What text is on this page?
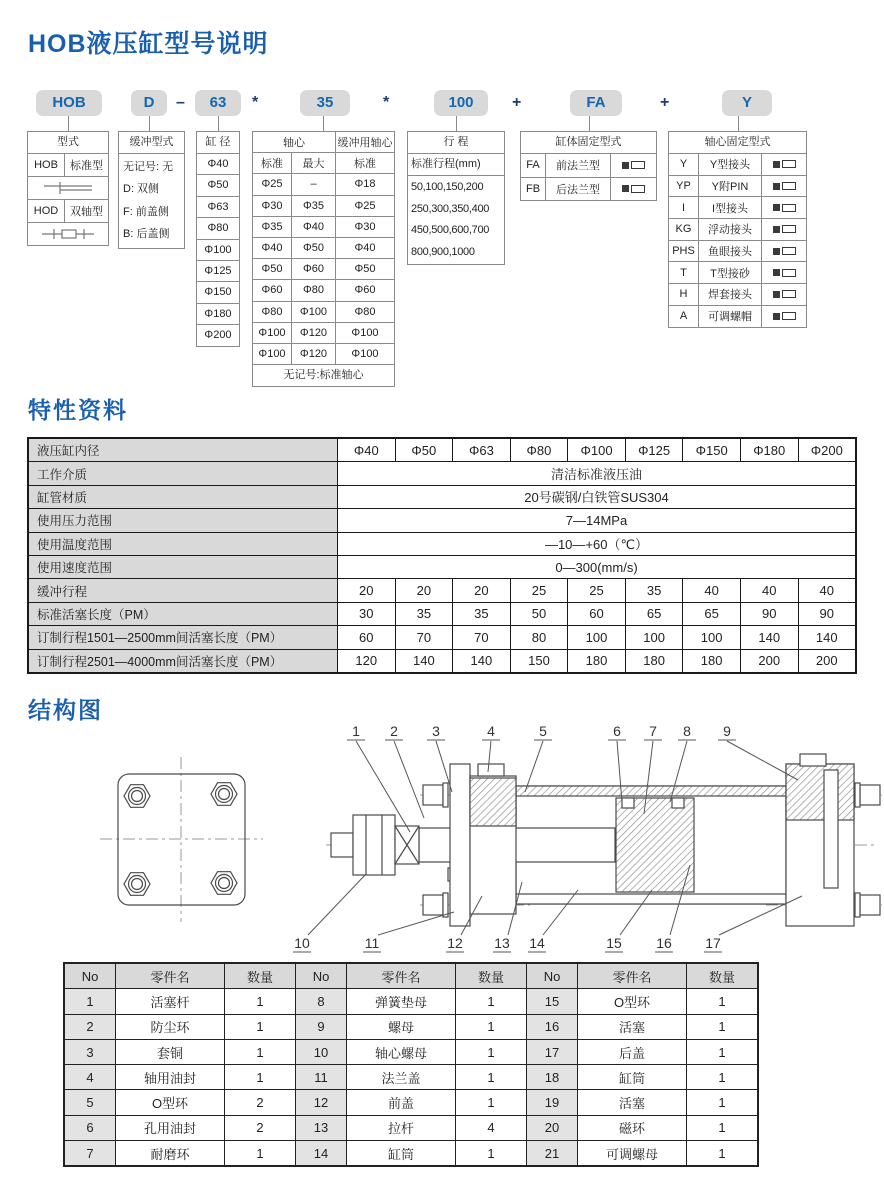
HOB液压缸型号说明
HOB	D	–	63	*	35	*	100	+	FA	+	Y
型式
HOB	标准型
HOD	双轴型
缓冲型式
无记号: 无
D: 双侧
F: 前盖侧
B: 后盖侧
缸 径
Φ40
Φ50
Φ63
Φ80
Φ100
Φ125
Φ150
Φ180
Φ200
轴心	缓冲用轴心
标准	最大	标准
Φ25	–	Φ18
Φ30	Φ35	Φ25
Φ35	Φ40	Φ30
Φ40	Φ50	Φ40
Φ50	Φ60	Φ50
Φ60	Φ80	Φ60
Φ80	Φ100	Φ80
Φ100	Φ120	Φ100
Φ100	Φ120	Φ100
无记号:标准轴心
行 程
标准行程(mm)
50,100,150,200
250,300,350,400
450,500,600,700
800,900,1000
缸体固定型式
FA	前法兰型
FB	后法兰型
轴心固定型式
Y	Y型接头
YP	Y附PIN
I	I型接头
KG	浮动接头
PHS	鱼眼接头
T	T型接砂
H	焊套接头
A	可调螺帽
特性资料
液压缸内径	Φ40	Φ50	Φ63	Φ80	Φ100	Φ125	Φ150	Φ180	Φ200
工作介质	清洁标准液压油
缸管材质	20号碳钢/白铁管SUS304
使用压力范围	7—14MPa
使用温度范围	—10—+60（℃）
使用速度范围	0—300(mm/s)
缓冲行程	20	20	20	25	25	35	40	40	40
标准活塞长度（PM）	30	35	35	50	60	65	65	90	90
订制行程1501—2500mm间活塞长度（PM）	60	70	70	80	100	100	100	140	140
订制行程2501—4000mm间活塞长度（PM）	120	140	140	150	180	180	180	200	200
结构图
1 2 3	4	5	6 7 8 9
10	11	12 13 14	15 16 17
No	零件名	数量
1	活塞杆	1
2	防尘环	1
3	套铜	1
4	轴用油封	1
5	O型环	2
6	孔用油封	2
7	耐磨环	1
No	零件名	数量
8	弹簧垫母	1
9	螺母	1
10	轴心螺母	1
11	法兰盖	1
12	前盖	1
13	拉杆	4
14	缸筒	1
No	零件名	数量
15	O型环	1
16	活塞	1
17	后盖	1
18	缸筒	1
19	活塞	1
20	磁环	1
21	可调螺母	1
